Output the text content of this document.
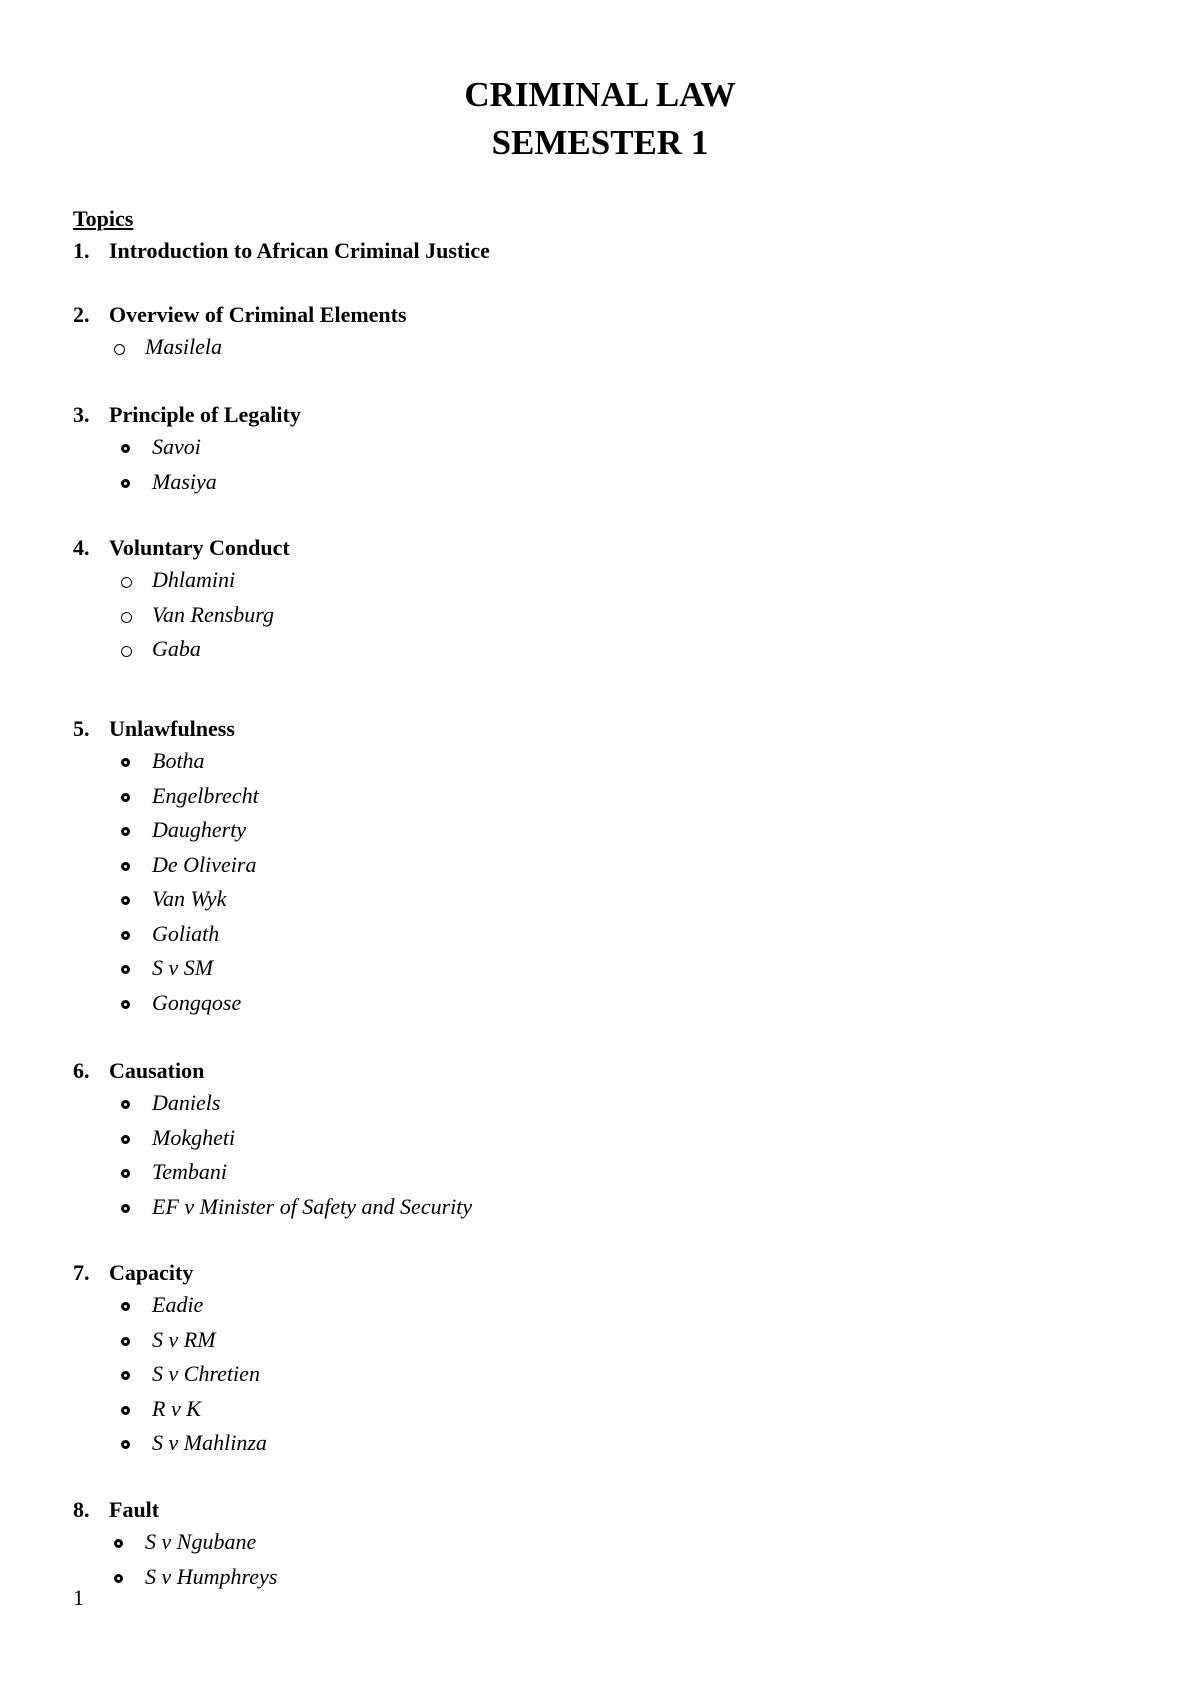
CRIMINAL LAW
SEMESTER 1
Topics
1. Introduction to African Criminal Justice
2. Overview of Criminal Elements
Masilela
3. Principle of Legality
Savoi
Masiya
4. Voluntary Conduct
Dhlamini
Van Rensburg
Gaba
5. Unlawfulness
Botha
Engelbrecht
Daugherty
De Oliveira
Van Wyk
Goliath
S v SM
Gongqose
6. Causation
Daniels
Mokgheti
Tembani
EF v Minister of Safety and Security
7. Capacity
Eadie
S v RM
S v Chretien
R v K
S v Mahlinza
8. Fault
S v Ngubane
S v Humphreys
1
